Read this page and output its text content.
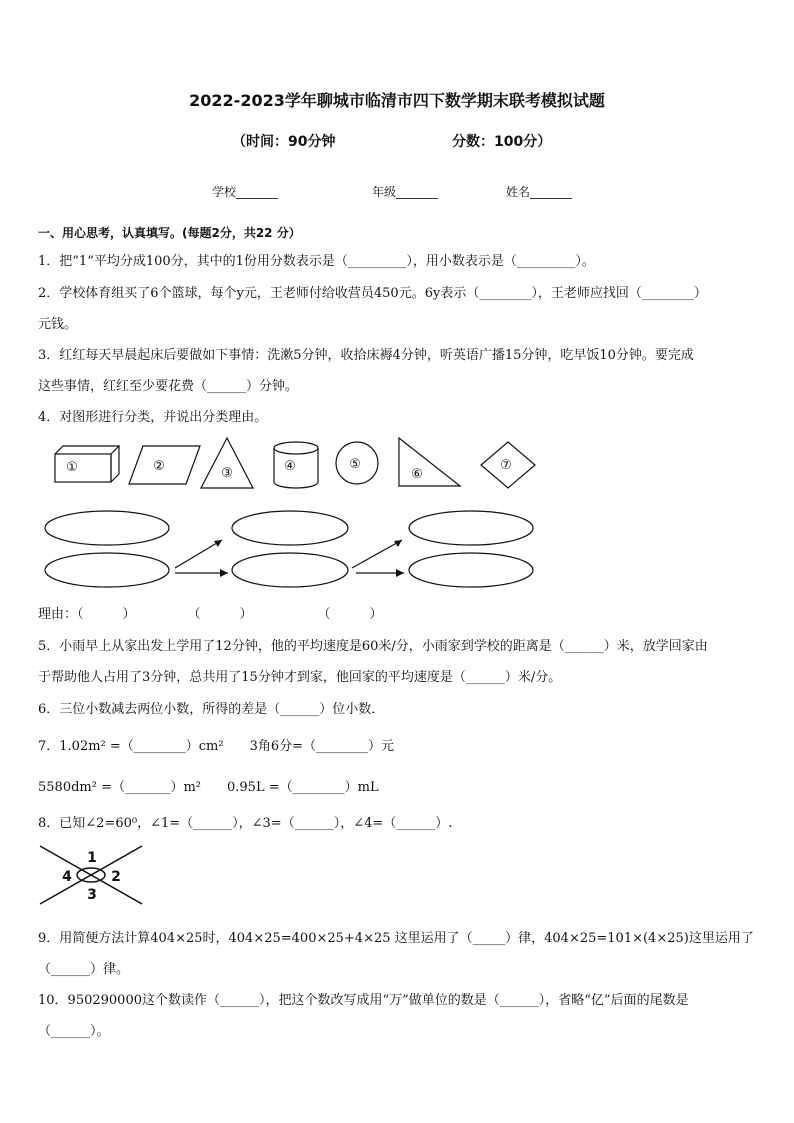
2022-2023学年聊城市临清市四下数学期末联考模拟试题
（时间：90分钟	分数：100分）
学校_______	年级_______	姓名_______
一、用心思考，认真填写。(每题2分，共22 分）
1．把“1”平均分成100分，其中的1份用分数表示是（_________），用小数表示是（_________）。
2．学校体育组买了6个篮球，每个y元，王老师付给收营员450元。6y表示（________），王老师应找回（________）
元钱。
3．红红每天早晨起床后要做如下事情：洗漱5分钟，收拾床褥4分钟，听英语广播15分钟，吃早饭10分钟。要完成
这些事情，红红至少要花费（______）分钟。
4．对图形进行分类，并说出分类理由。
①	②	③	④	⑤
⑥
⑦
理由：（　　　）　　　　　（　　　）　　　　　　（　　　）
5．小雨早上从家出发上学用了12分钟，他的平均速度是60米/分，小雨家到学校的距离是（______）米，放学回家由
于帮助他人占用了3分钟，总共用了15分钟才到家，他回家的平均速度是（______）米/分。
6．三位小数减去两位小数，所得的差是（______）位小数．
7．1.02m² =（________）cm²　　3角6分=（________）元
5580dm² =（_______）m²　　0.95L =（________）mL
8．已知∠2=60⁰，∠1=（______），∠3=（______），∠4=（______）.
1
2
3
4
9．用简便方法计算404×25时，404×25=400×25+4×25 这里运用了（_____）律，404×25=101×(4×25)这里运用了
（______）律。
10．950290000这个数读作（______），把这个数改写成用“万”做单位的数是（______），省略“亿”后面的尾数是
（______）。
